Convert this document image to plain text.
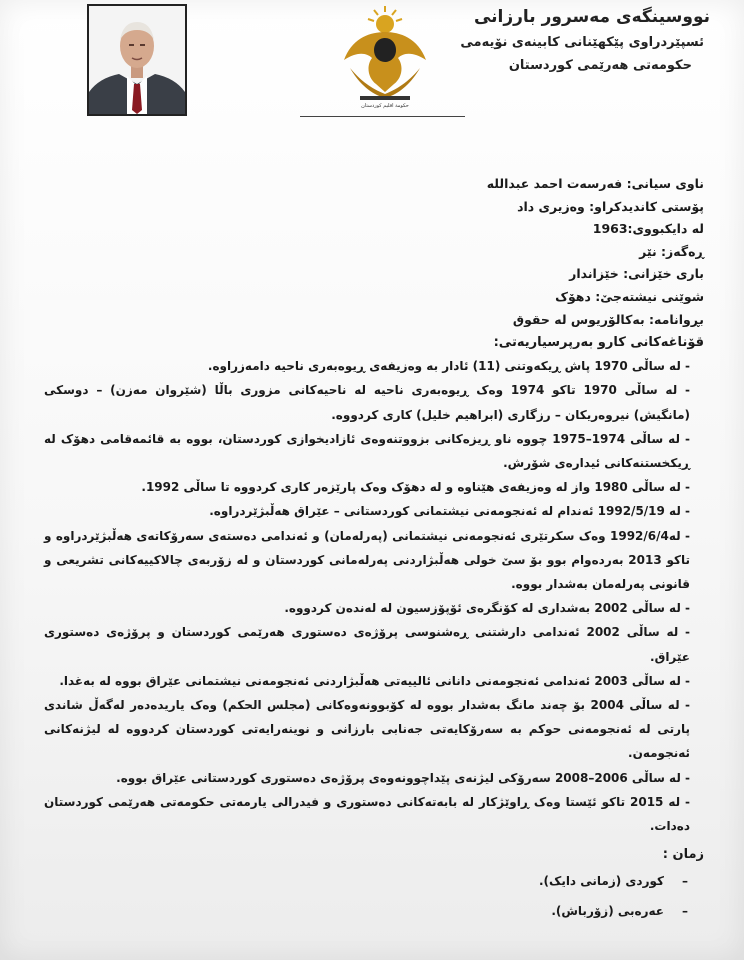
حكومة اقليم كوردستان
نووسینگەی مەسرور بارزانی
ئسپێردراوی پێکهێنانی کابینەی نۆیەمی
حکومەتی هەرێمی کوردستان
ناوی سیانی: فەرسەت احمد عبدالله
پۆستی کاندیدکراو: وەزیری داد
لە دایکبووی:1963
ڕەگەز: نێر
باری خێزانی: خێزاندار
شوێنی نیشتەجێ: دهۆک
بڕوانامە: بەکالۆریوس لە حقوق
قۆناغەکانی کارو بەرپرسیاریەتی:
- لە ساڵی 1970 پاش ڕیکەوتنی (11) ئادار بە وەزیفەی ڕیوەبەری ناحیە دامەزراوە.
- لە ساڵی 1970 تاکو 1974 وەک ڕیوەبەری ناحیە لە ناحیەکانی مزوری باڵا (شێروان مەزن) – دوسکی (مانگیش) نیروەریکان – رزگاری (ابراهیم خلیل) کاری کردووە.
- لە ساڵی 1974–1975 چووە ناو ڕیزەکانی بزووتنەوەی ئازادیخوازی کوردستان، بووە بە قائمەقامی دهۆک لە ڕیکخستنەکانی ئیدارەی شۆرش.
- لە ساڵی 1980 واز لە وەزیفەی هێناوە و لە دهۆک وەک پارێزەر کاری کردووە تا ساڵی 1992.
- لە 1992/5/19 ئەندام لە ئەنجومەنی نیشتمانی کوردستانی – عێراق هەڵبژێردراوە.
- لە1992/6/4 وەک سکرتێری ئەنجومەنی نیشتمانی (پەرلەمان) و ئەندامی دەستەی سەرۆکاتەی هەڵبژێردراوە و تاکو 2013 بەردەوام بوو بۆ سێ خولی هەڵبژاردنی پەرلەمانی کوردستان و لە زۆربەی چالاکییەکانی تشریعی و قانونی پەرلەمان بەشدار بووە.
- لە ساڵی 2002 بەشداری لە کۆنگرەی ئۆپۆزسیون لە لەندەن کردووە.
- لە ساڵی 2002 ئەندامی دارشتنی ڕەشنوسی پرۆژەی دەستوری هەرێمی کوردستان و پرۆژەی دەستوری عێراق.
- لە ساڵی 2003 ئەندامی ئەنجومەنی دانانی ئالییەتی هەڵبژاردنی ئەنجومەنی نیشتمانی عێراق بووە لە بەغدا.
- لە ساڵی 2004 بۆ چەند مانگ بەشدار بووە لە کۆبوونەوەکانی (مجلس الحکم) وەک یاریدەدەر لەگەڵ شاندی پارتی لە ئەنجومەنی حوکم بە سەرۆکایەتی جەنابی بارزانی و نوینەرایەتی کوردستان کردووە لە لیژنەکانی ئەنجومەن.
- لە ساڵی 2006–2008 سەرۆکی لیژنەی پێداچوونەوەی پرۆژەی دەستوری کوردستانی عێراق بووە.
- لە 2015 تاکو ئێستا وەک ڕاوێژکار لە بابەتەکانی دەستوری و فیدرالی یارمەتی حکومەتی هەرێمی کوردستان دەدات.
زمان :
–کوردی (زمانی دایک).
–عەرەبی (زۆرباش).
